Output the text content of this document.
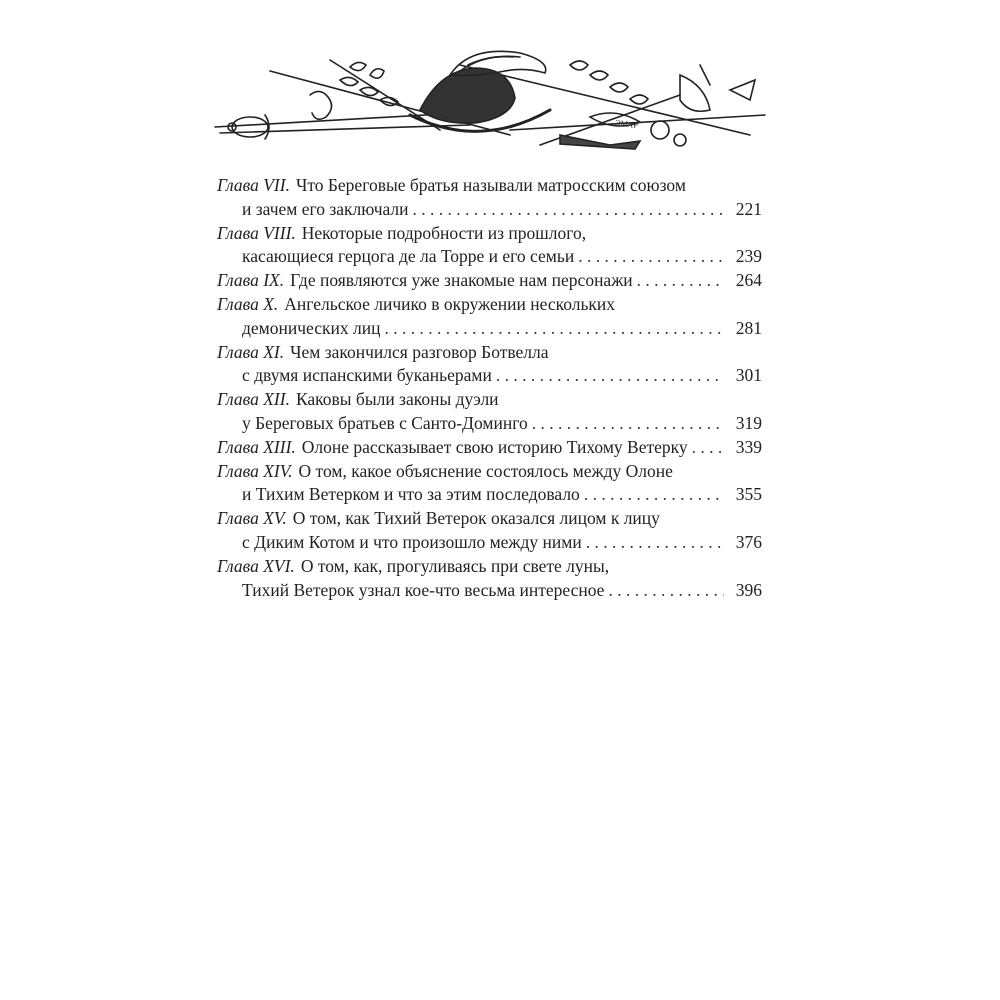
ЭМАР
Глава VII. Что Береговые братья называли матросским союзом
и зачем его заключали . . .	221
Глава VIII. Некоторые подробности из прошлого,
касающиеся герцога де ла Торре и его семьи . . .	239
Глава IX. Где появляются уже знакомые нам персонажи . . .	264
Глава X. Ангельское личико в окружении нескольких
демонических лиц . . .	281
Глава XI. Чем закончился разговор Ботвелла
с двумя испанскими буканьерами . . .	301
Глава XII. Каковы были законы дуэли
у Береговых братьев с Санто-Доминго . . .	319
Глава XIII. Олоне рассказывает свою историю Тихому Ветерку . . .	339
Глава XIV. О том, какое объяснение состоялось между Олоне
и Тихим Ветерком и что за этим последовало . . .	355
Глава XV. О том, как Тихий Ветерок оказался лицом к лицу
с Диким Котом и что произошло между ними . . .	376
Глава XVI. О том, как, прогуливаясь при свете луны,
Тихий Ветерок узнал кое-что весьма интересное . . .	396
